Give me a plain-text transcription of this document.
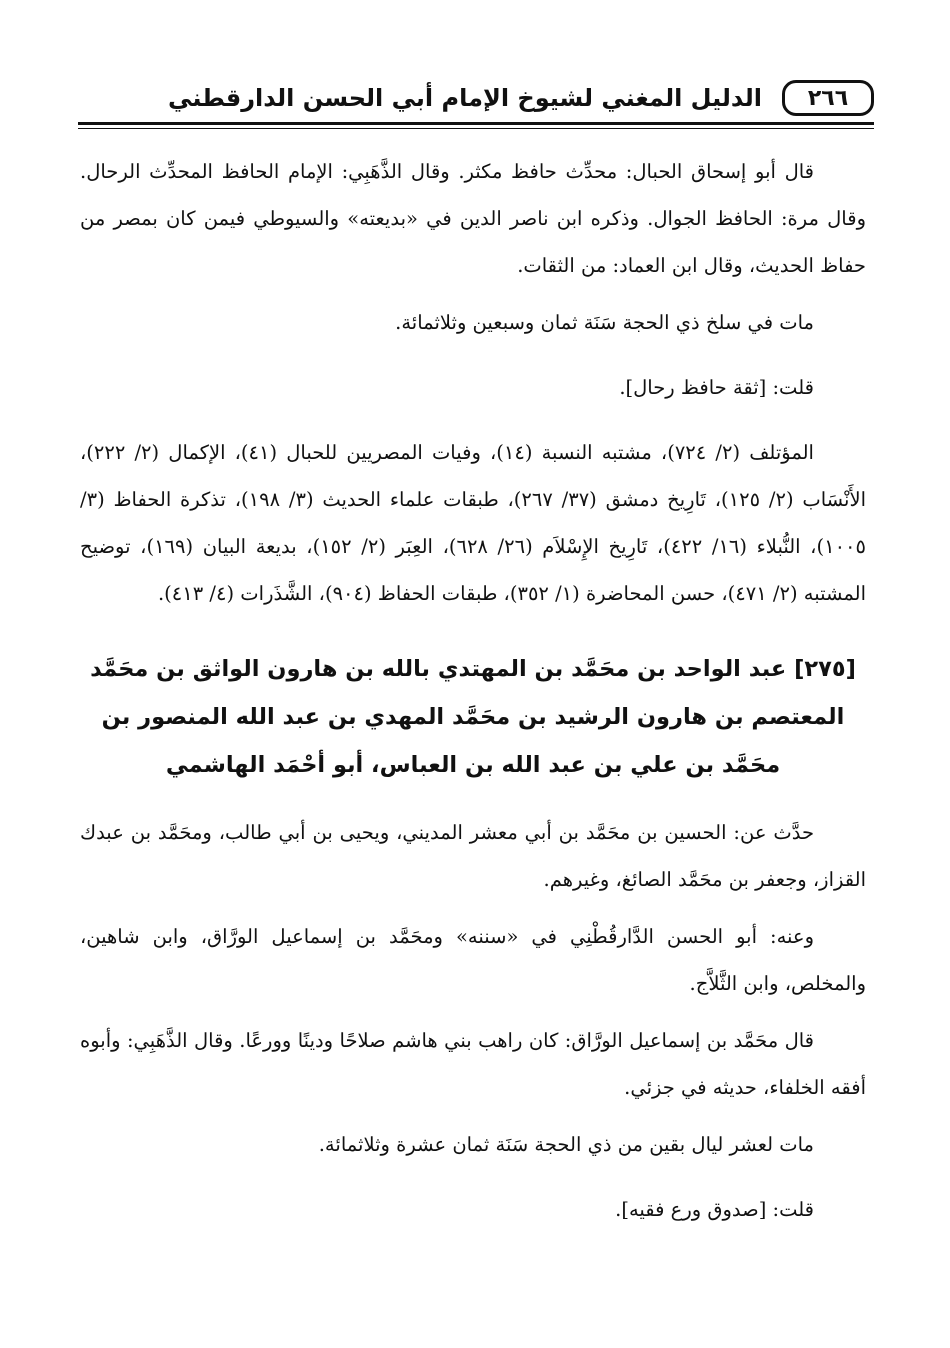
٢٦٦
الدليل المغني لشيوخ الإمام أبي الحسن الدارقطني

قال أبو إسحاق الحبال: محدِّث حافظ مكثر. وقال الذَّهَبِي: الإمام الحافظ المحدِّث الرحال. وقال مرة: الحافظ الجوال. وذكره ابن ناصر الدين في «بديعته» والسيوطي فيمن كان بمصر من حفاظ الحديث، وقال ابن العماد: من الثقات.

مات في سلخ ذي الحجة سَنَة ثمان وسبعين وثلاثمائة.

قلت: [ثقة حافظ رحال].

المؤتلف (٢/ ٧٢٤)، مشتبه النسبة (١٤)، وفيات المصريين للحبال (٤١)، الإكمال (٢/ ٢٢٢)، الأَنْسَاب (٢/ ١٢٥)، تَارِيخ دمشق (٣٧/ ٢٦٧)، طبقات علماء الحديث (٣/ ١٩٨)، تذكرة الحفاظ (٣/ ١٠٠٥)، النُّبلاء (١٦/ ٤٢٢)، تَارِيخ الإِسْلاَم (٢٦/ ٦٢٨)، العِبَر (٢/ ١٥٢)، بديعة البيان (١٦٩)، توضيح المشتبه (٢/ ٤٧١)، حسن المحاضرة (١/ ٣٥٢)، طبقات الحفاظ (٩٠٤)، الشَّذَرات (٤/ ٤١٣).

[٢٧٥] عبد الواحد بن محَمَّد بن المهتدي بالله بن هارون الواثق بن محَمَّد المعتصم بن هارون الرشيد بن محَمَّد المهدي بن عبد الله المنصور بن محَمَّد بن علي بن عبد الله بن العباس، أبو أحْمَد الهاشمي

حدَّث عن: الحسين بن محَمَّد بن أبي معشر المديني، ويحيى بن أبي طالب، ومحَمَّد بن عبدك القزاز، وجعفر بن محَمَّد الصائغ، وغيرهم.

وعنه: أبو الحسن الدَّارقُطْنِي في «سننه» ومحَمَّد بن إسماعيل الورَّاق، وابن شاهين، والمخلص، وابن الثَّلاَّج.

قال محَمَّد بن إسماعيل الورَّاق: كان راهب بني هاشم صلاحًا ودينًا وورعًا. وقال الذَّهَبِي: وأبوه أفقه الخلفاء، حديثه في جزئي.

مات لعشر ليال بقين من ذي الحجة سَنَة ثمان عشرة وثلاثمائة.

قلت: [صدوق ورع فقيه].
